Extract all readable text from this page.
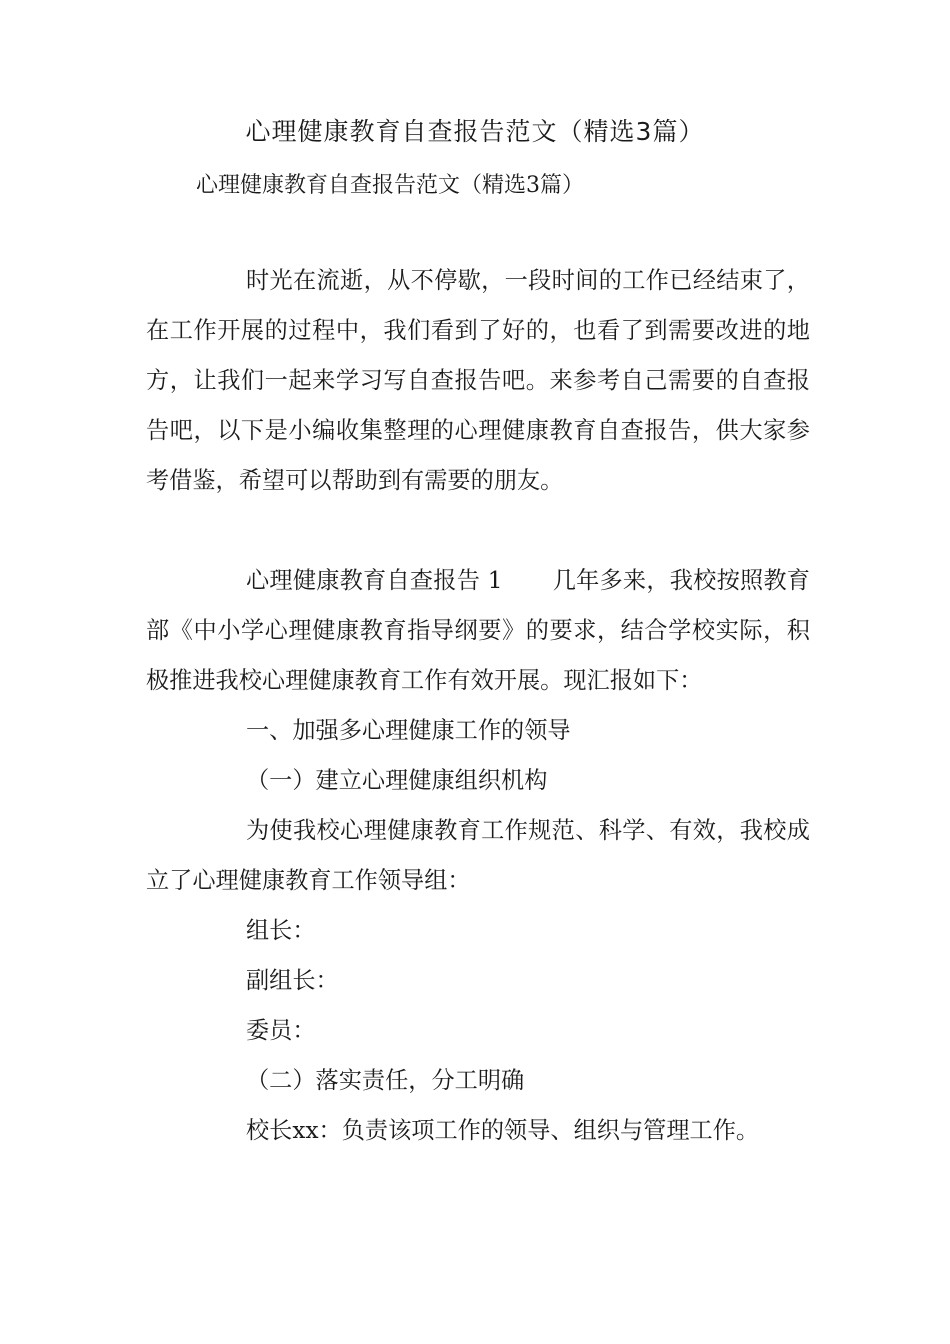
心理健康教育自查报告范文（精选3篇）

心理健康教育自查报告范文（精选3篇）

时光在流逝，从不停歇，一段时间的工作已经结束了，在工作开展的过程中，我们看到了好的，也看了到需要改进的地方，让我们一起来学习写自查报告吧。来参考自己需要的自查报告吧，以下是小编收集整理的心理健康教育自查报告，供大家参考借鉴，希望可以帮助到有需要的朋友。

心理健康教育自查报告 1 几年多来，我校按照教育部《中小学心理健康教育指导纲要》的要求，结合学校实际，积极推进我校心理健康教育工作有效开展。现汇报如下：

一、加强多心理健康工作的领导

（一）建立心理健康组织机构

为使我校心理健康教育工作规范、科学、有效，我校成立了心理健康教育工作领导组：

组长：

副组长：

委员：

（二）落实责任，分工明确

校长xx：负责该项工作的领导、组织与管理工作。
